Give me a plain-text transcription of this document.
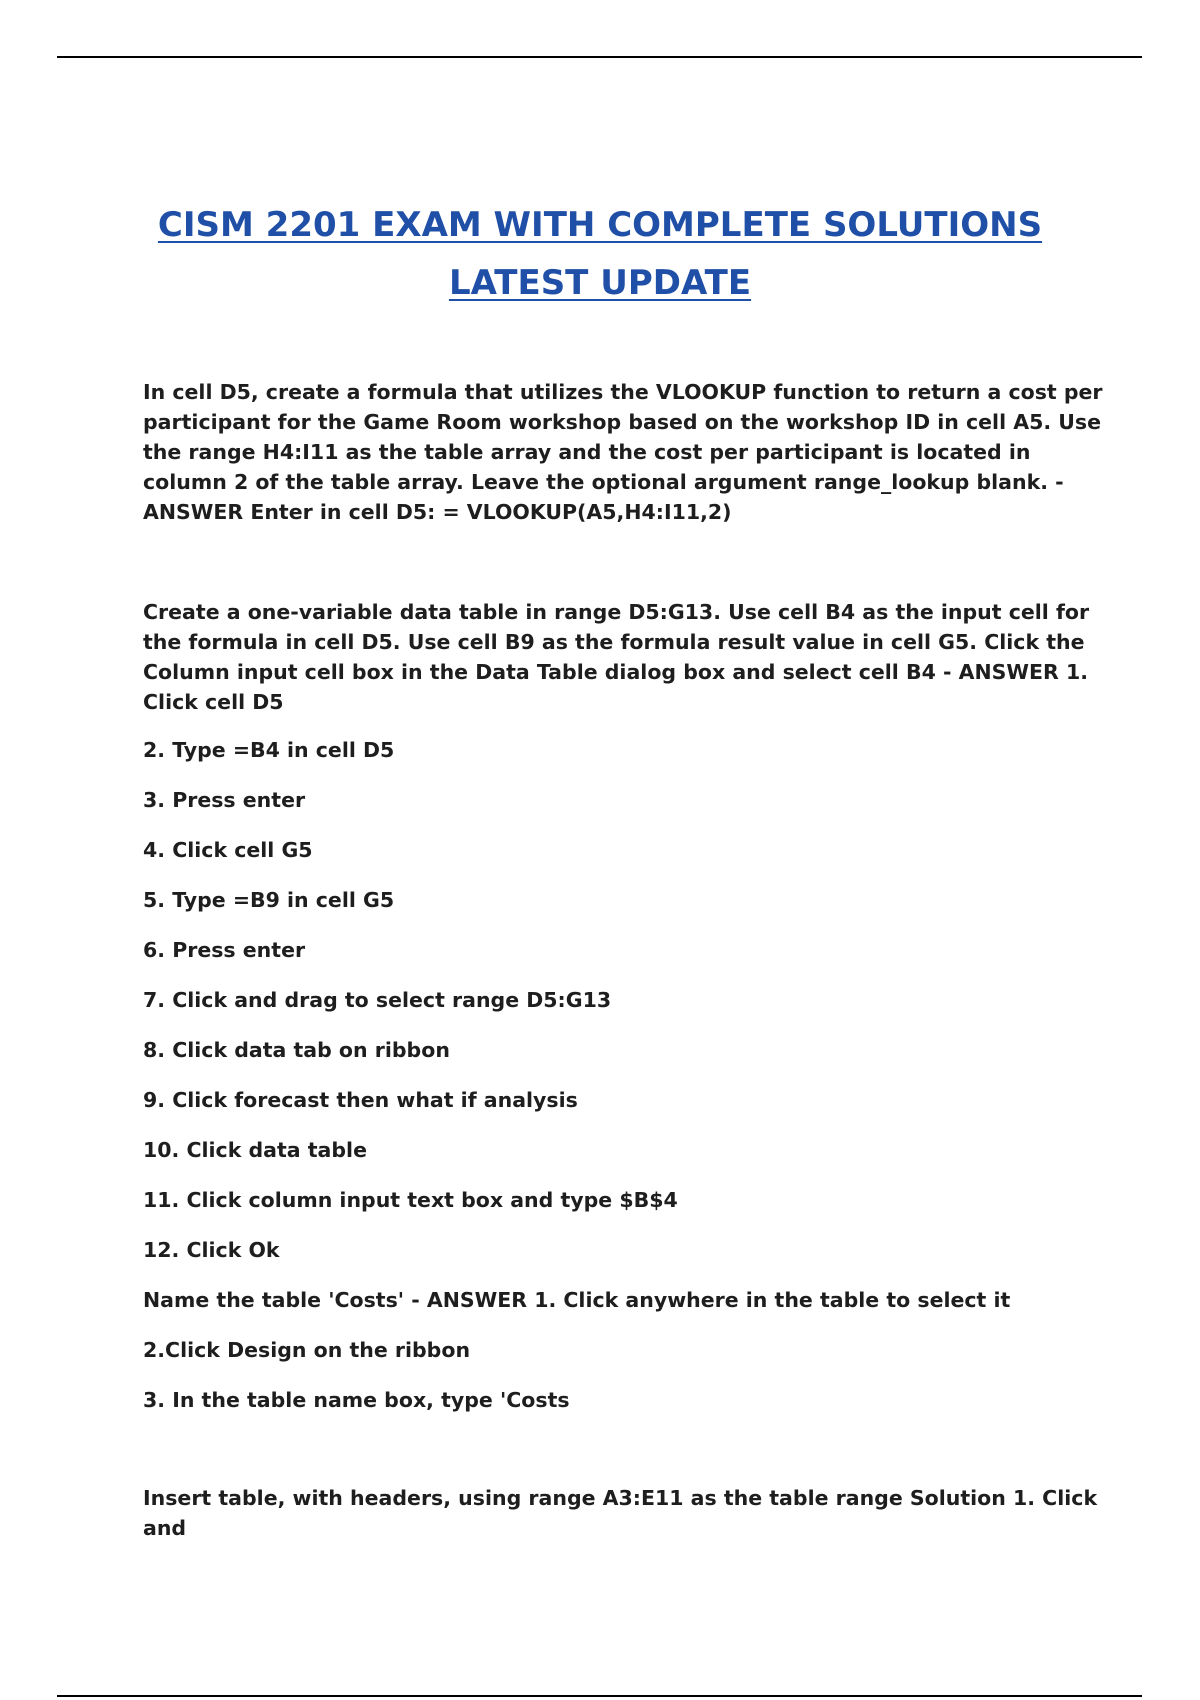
CISM 2201 EXAM WITH COMPLETE SOLUTIONS
LATEST UPDATE

In cell D5, create a formula that utilizes the VLOOKUP function to return a cost per participant for the Game Room workshop based on the workshop ID in cell A5. Use the range H4:I11 as the table array and the cost per participant is located in column 2 of the table array. Leave the optional argument range_lookup blank. - ANSWER Enter in cell D5: = VLOOKUP(A5,H4:I11,2)

Create a one-variable data table in range D5:G13. Use cell B4 as the input cell for the formula in cell D5. Use cell B9 as the formula result value in cell G5. Click the Column input cell box in the Data Table dialog box and select cell B4 - ANSWER 1. Click cell D5

2. Type =B4 in cell D5

3. Press enter

4. Click cell G5

5. Type =B9 in cell G5

6. Press enter

7. Click and drag to select range D5:G13

8. Click data tab on ribbon

9. Click forecast then what if analysis

10. Click data table

11. Click column input text box and type $B$4

12. Click Ok

Name the table 'Costs' - ANSWER 1. Click anywhere in the table to select it

2.Click Design on the ribbon

3. In the table name box, type 'Costs

Insert table, with headers, using range A3:E11 as the table range Solution 1. Click and
